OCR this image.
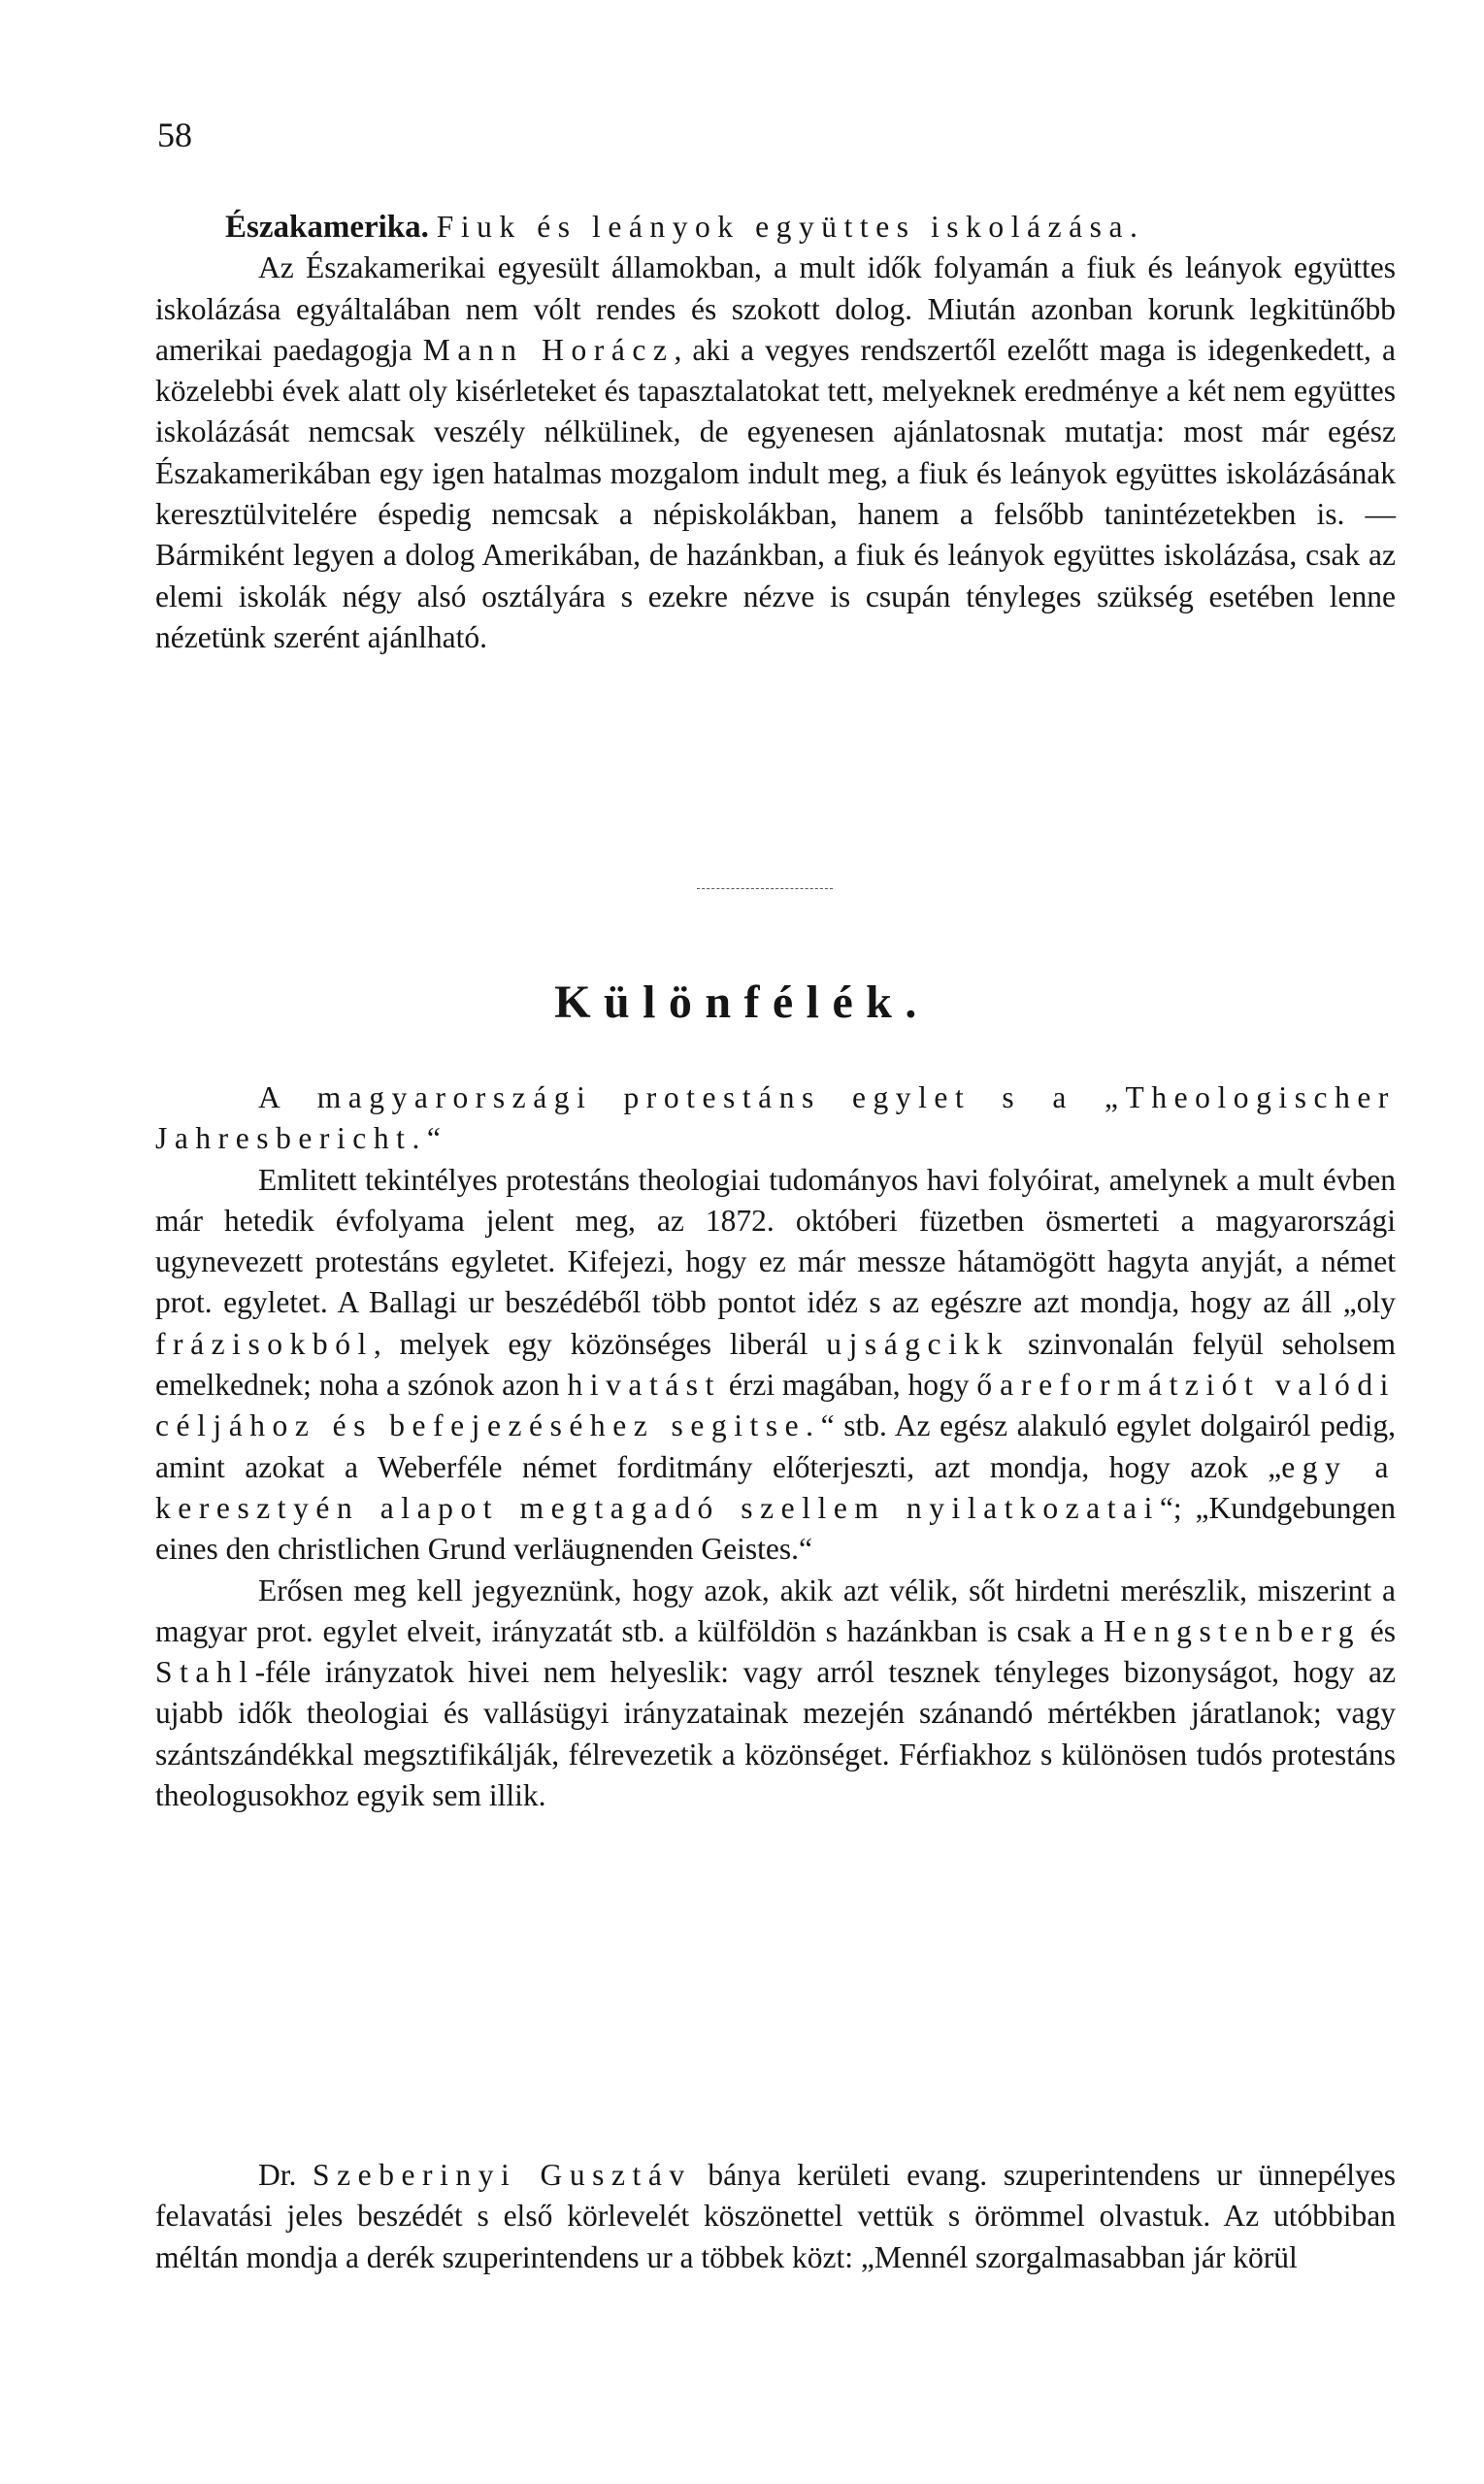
58

Északamerika. Fiuk és leányok együttes iskolázása.

Az Északamerikai egyesült államokban, a mult idők folyamán a fiuk és leányok együttes iskolázása egyáltalában nem vólt rendes és szokott dolog. Miután azonban korunk legkitünőbb amerikai paedagogja Mann Horácz, aki a vegyes rendszertől ezelőtt maga is idegenkedett, a közelebbi évek alatt oly kisérleteket és tapasztalatokat tett, melyeknek eredménye a két nem együttes iskolázását nemcsak veszély nélkülinek, de egyenesen ajánlatosnak mutatja: most már egész Északamerikában egy igen hatalmas mozgalom indult meg, a fiuk és leányok együttes iskolázásának keresztülvitelére éspedig nemcsak a népiskolákban, hanem a felsőbb tanintézetekben is. — Bármiként legyen a dolog Amerikában, de hazánkban, a fiuk és leányok együttes iskolázása, csak az elemi iskolák négy alsó osztályára s ezekre nézve is csupán tényleges szükség esetében lenne nézetünk szerént ajánlható.

Különfélék.

A magyarországi protestáns egylet s a „Theologischer Jahresbericht.“

Emlitett tekintélyes protestáns theologiai tudományos havi folyóirat, amelynek a mult évben már hetedik évfolyama jelent meg, az 1872. októberi füzetben ösmerteti a magyarországi ugynevezett protestáns egyletet. Kifejezi, hogy ez már messze hátamögött hagyta anyját, a német prot. egyletet. A Ballagi ur beszédéből több pontot idéz s az egészre azt mondja, hogy az áll „oly frázisokból, melyek egy közönséges liberál ujságcikk szinvonalán felyül seholsem emelkednek; noha a szónok azon hivatást érzi magában, hogy ő a reformátziót valódi céljához és befejezéséhez segitse.“ stb. Az egész alakuló egylet dolgairól pedig, amint azokat a Weberféle német forditmány előterjeszti, azt mondja, hogy azok „egy a keresztyén alapot megtagadó szellem nyilatkozatai“; „Kundgebungen eines den christlichen Grund verläugnenden Geistes.“

Erősen meg kell jegyeznünk, hogy azok, akik azt vélik, sőt hirdetni merészlik, miszerint a magyar prot. egylet elveit, irányzatát stb. a külföldön s hazánkban is csak a Hengstenberg és Stahl-féle irányzatok hivei nem helyeslik: vagy arról tesznek tényleges bizonyságot, hogy az ujabb idők theologiai és vallásügyi irányzatainak mezején szánandó mértékben járatlanok; vagy szántszándékkal megsztifikálják, félrevezetik a közönséget. Férfiakhoz s különösen tudós protestáns theologusokhoz egyik sem illik.

Dr. Szeberinyi Gusztáv bánya kerületi evang. szuperintendens ur ünnepélyes felavatási jeles beszédét s első körlevelét köszönettel vettük s örömmel olvastuk. Az utóbbiban méltán mondja a derék szuperintendens ur a többek közt: „Mennél szorgalmasabban jár körül
